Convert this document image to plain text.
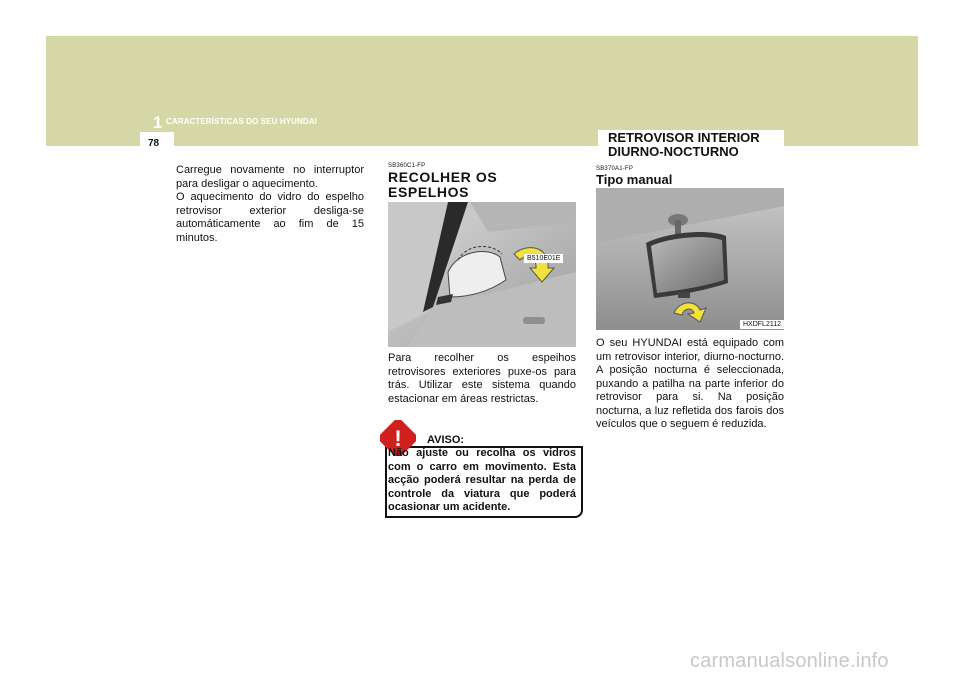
1 CARACTERÍSTICAS DO SEU HYUNDAI
78	RETROVISOR INTERIOR DIURNO-NOCTURNO

Carregue novamente no interruptor para desligar o aquecimento.

O aquecimento do vidro do espelho retrovisor exterior desliga-se automáticamente ao fim de 15 minutos.

SB360C1-FP
RECOLHER OS ESPELHOS
B510E01E

Para recolher os espeihos retrovisores exteriores puxe-os para trás. Utilizar este sistema quando estacionar em áreas restrictas.

! AVISO:

Não ajuste ou recolha os vidros com o carro em movimento. Esta acção poderá resultar na perda de controle da viatura que poderá ocasionar um acidente.

SB370A1-FP
Tipo manual
HXDFL2112

O seu HYUNDAI está equipado com um retrovisor interior, diurno-nocturno. A posição nocturna é seleccionada, puxando a patilha na parte inferior do retrovisor para si. Na posição nocturna, a luz refletida dos farois dos veículos que o seguem é reduzida.

carmanualsonline.info
